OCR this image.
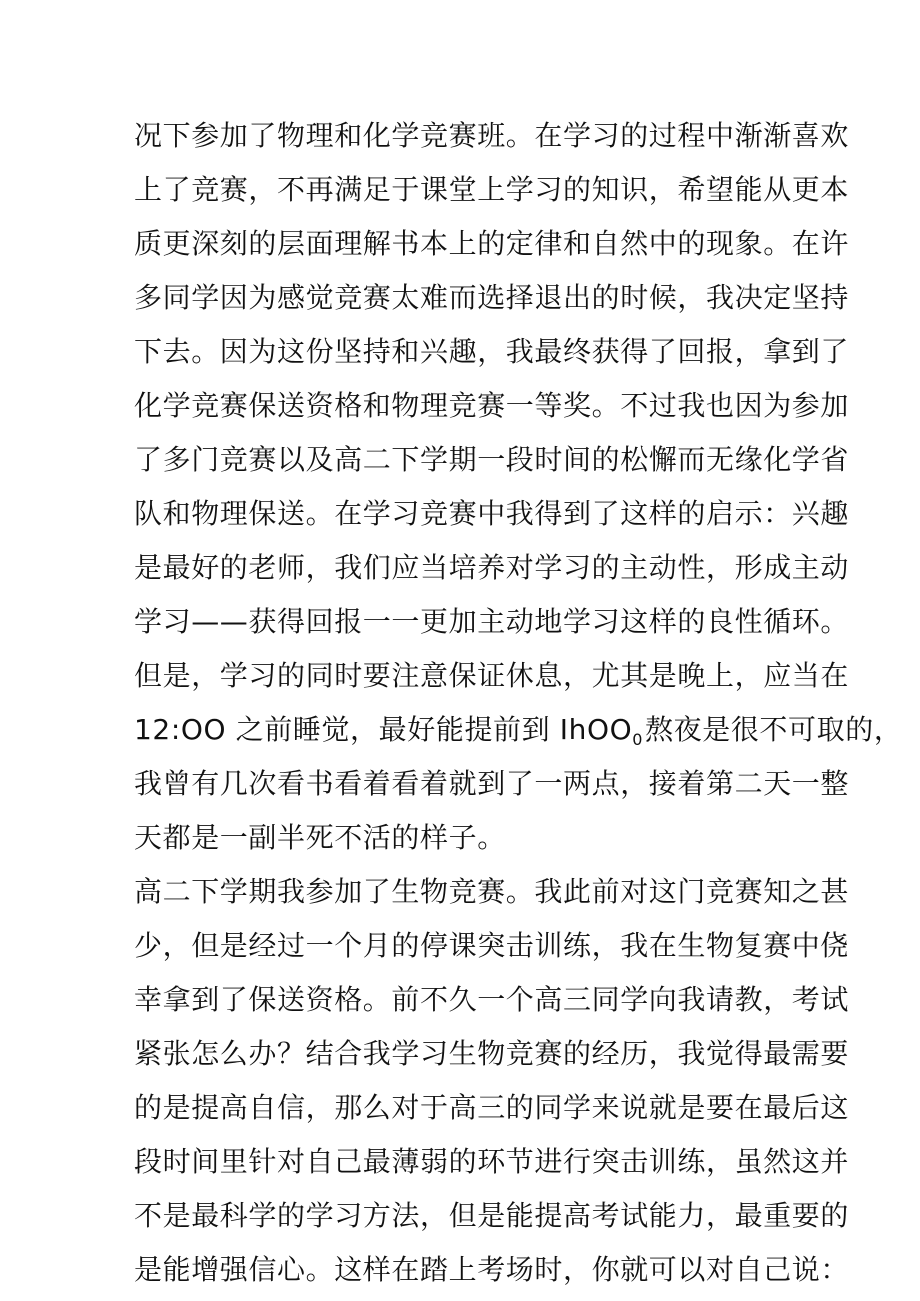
况下参加了物理和化学竞赛班。在学习的过程中渐渐喜欢
上了竞赛，不再满足于课堂上学习的知识，希望能从更本
质更深刻的层面理解书本上的定律和自然中的现象。在许
多同学因为感觉竞赛太难而选择退出的时候，我决定坚持
下去。因为这份坚持和兴趣，我最终获得了回报，拿到了
化学竞赛保送资格和物理竞赛一等奖。不过我也因为参加
了多门竞赛以及高二下学期一段时间的松懈而无缘化学省
队和物理保送。在学习竞赛中我得到了这样的启示：兴趣
是最好的老师，我们应当培养对学习的主动性，形成主动
学习——获得回报一一更加主动地学习这样的良性循环。
但是，学习的同时要注意保证休息，尤其是晚上，应当在
12:OO 之前睡觉，最好能提前到 IhOO$_0$熬夜是很不可取的，
我曾有几次看书看着看着就到了一两点，接着第二天一整
天都是一副半死不活的样子。
高二下学期我参加了生物竞赛。我此前对这门竞赛知之甚
少，但是经过一个月的停课突击训练，我在生物复赛中侥
幸拿到了保送资格。前不久一个高三同学向我请教，考试
紧张怎么办？结合我学习生物竞赛的经历，我觉得最需要
的是提高自信，那么对于高三的同学来说就是要在最后这
段时间里针对自己最薄弱的环节进行突击训练，虽然这并
不是最科学的学习方法，但是能提高考试能力，最重要的
是能增强信心。这样在踏上考场时，你就可以对自己说：
